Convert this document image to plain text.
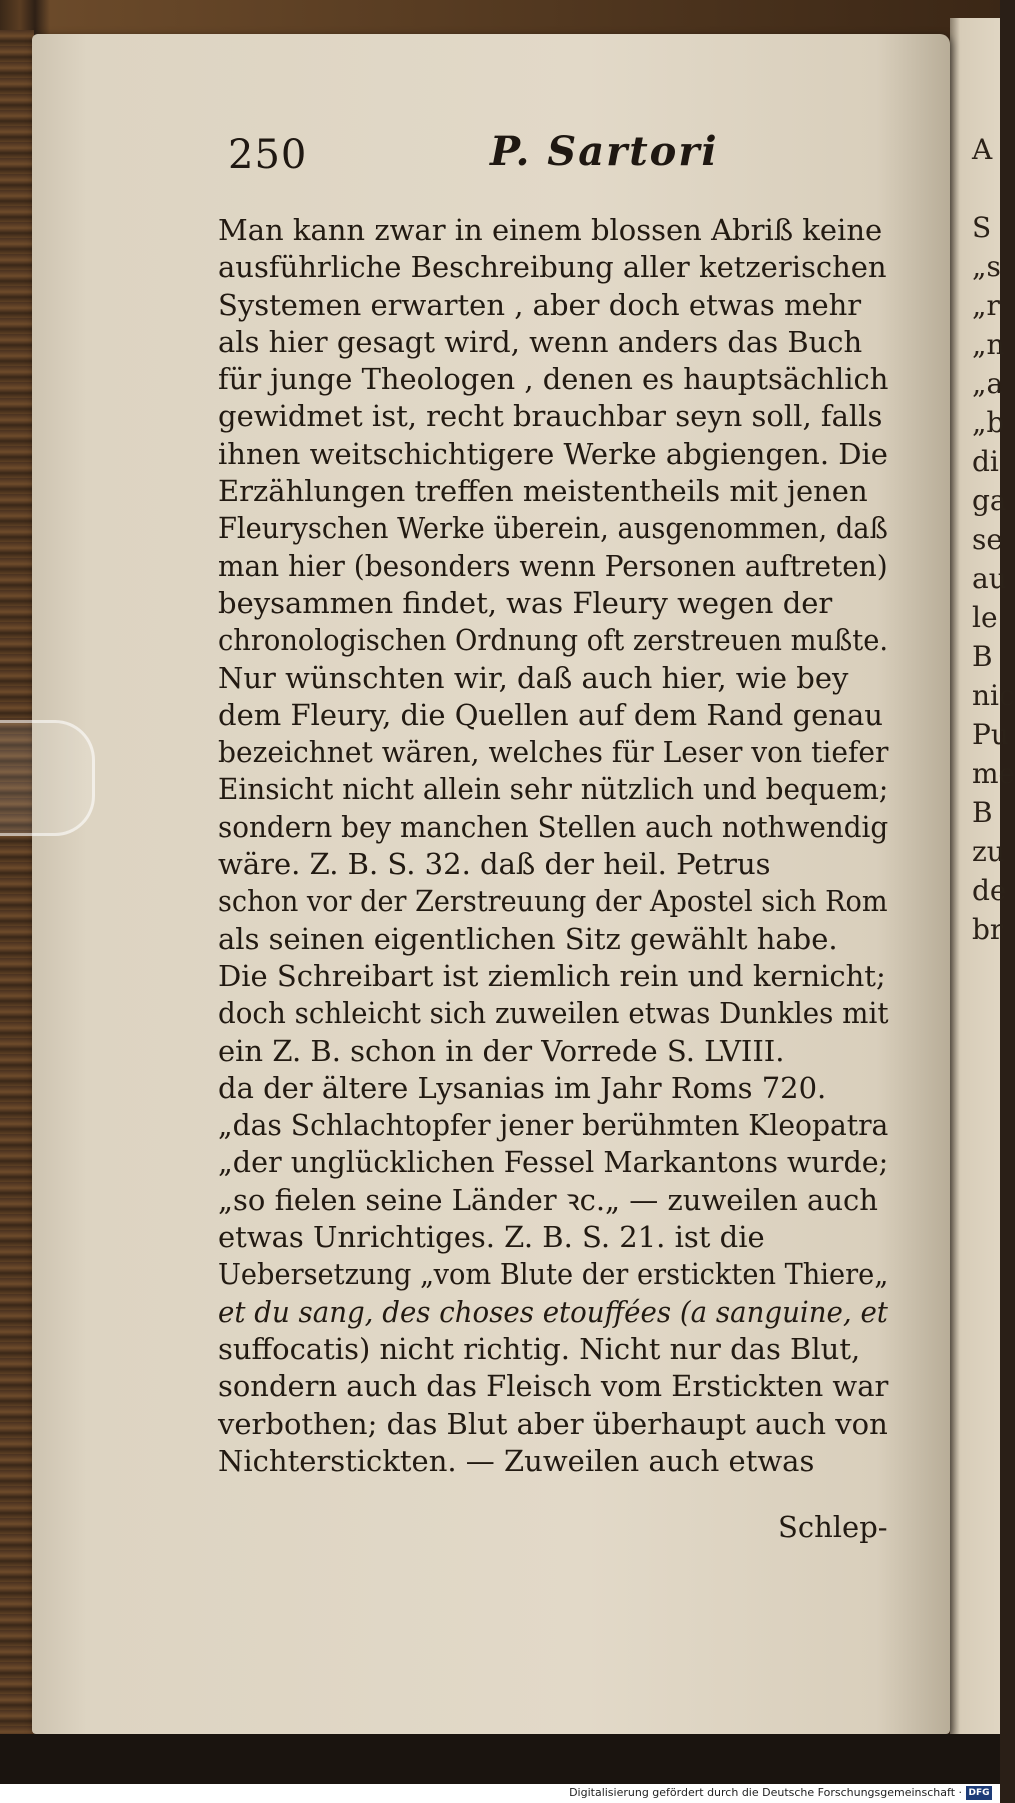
A
S
„s
„r
„n
„a
„b
di
ga
se
au
le
B
nic
Pu
me
B
zu
de
br
250	P. Sartori
Man kann zwar in einem blossen Abriß keine
ausführliche Beschreibung aller ketzerischen
Systemen erwarten , aber doch etwas mehr
als hier gesagt wird, wenn anders das Buch
für junge Theologen , denen es hauptsächlich
gewidmet ist, recht brauchbar seyn soll, falls
ihnen weitschichtigere Werke abgiengen. Die
Erzählungen treffen meistentheils mit jenen
Fleuryschen Werke überein, ausgenommen, daß
man hier (besonders wenn Personen auftreten)
beysammen findet, was Fleury wegen der
chronologischen Ordnung oft zerstreuen mußte.
Nur wünschten wir, daß auch hier, wie bey
dem Fleury, die Quellen auf dem Rand genau
bezeichnet wären, welches für Leser von tiefer
Einsicht nicht allein sehr nützlich und bequem;
sondern bey manchen Stellen auch nothwendig
wäre. Z. B. S. 32. daß der heil. Petrus
schon vor der Zerstreuung der Apostel sich Rom
als seinen eigentlichen Sitz gewählt habe.
Die Schreibart ist ziemlich rein und kernicht;
doch schleicht sich zuweilen etwas Dunkles mit
ein Z. B. schon in der Vorrede S. LVIII.
da der ältere Lysanias im Jahr Roms 720.
„das Schlachtopfer jener berühmten Kleopatra
„der unglücklichen Fessel Markantons wurde;
„so fielen seine Länder ꝛc.„ — zuweilen auch
etwas Unrichtiges. Z. B. S. 21. ist die
Uebersetzung „vom Blute der erstickten Thiere„
et du sang, des choses etouffées (a sanguine, et
suffocatis) nicht richtig. Nicht nur das Blut,
sondern auch das Fleisch vom Erstickten war
verbothen; das Blut aber überhaupt auch von
Nichterstickten. — Zuweilen auch etwas
Schlep-
Digitalisierung gefördert durch die Deutsche Forschungsgemeinschaft · DFG
